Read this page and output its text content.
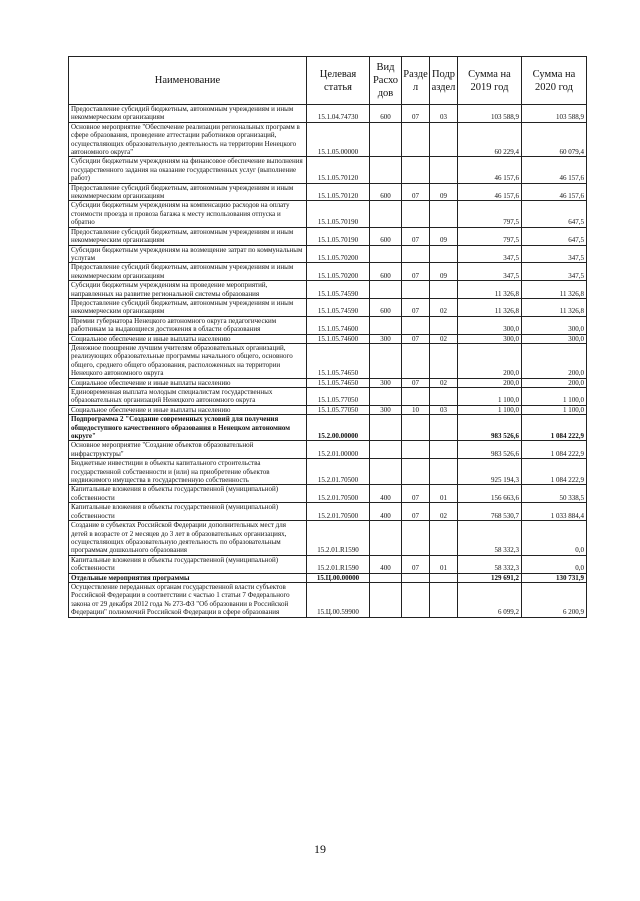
Наименование	Целевая статья	Вид Расхо дов	Разде л	Подр аздел	Сумма на 2019 год	Сумма на 2020 год
Предоставление субсидий бюджетным, автономным учреждениям и иным некоммерческим организациям	15.1.04.74730	600	07	03	103 588,9	103 588,9
Основное мероприятие "Обеспечение реализации региональных программ в сфере образования, проведение аттестации работников организаций, осуществляющих образовательную деятельность на территории Ненецкого автономного округа"	15.1.05.00000				60 229,4	60 079,4
Субсидии бюджетным учреждениям на финансовое обеспечение выполнения государственного задания на оказание государственных услуг (выполнение работ)	15.1.05.70120				46 157,6	46 157,6
Предоставление субсидий бюджетным, автономным учреждениям и иным некоммерческим организациям	15.1.05.70120	600	07	09	46 157,6	46 157,6
Субсидии бюджетным учреждениям на компенсацию расходов на оплату стоимости проезда и провоза багажа к месту использования отпуска и обратно	15.1.05.70190				797,5	647,5
Предоставление субсидий бюджетным, автономным учреждениям и иным некоммерческим организациям	15.1.05.70190	600	07	09	797,5	647,5
Субсидии бюджетным учреждениям на возмещение затрат по коммунальным услугам	15.1.05.70200				347,5	347,5
Предоставление субсидий бюджетным, автономным учреждениям и иным некоммерческим организациям	15.1.05.70200	600	07	09	347,5	347,5
Субсидии бюджетным учреждениям на проведение мероприятий, направленных на развитие региональной системы образования	15.1.05.74590				11 326,8	11 326,8
Предоставление субсидий бюджетным, автономным учреждениям и иным некоммерческим организациям	15.1.05.74590	600	07	02	11 326,8	11 326,8
Премии губернатора Ненецкого автономного округа педагогическим работникам за выдающиеся достижения в области образования	15.1.05.74600				300,0	300,0
Социальное обеспечение и иные выплаты населению	15.1.05.74600	300	07	02	300,0	300,0
Денежное поощрение лучшим учителям образовательных организаций, реализующих образовательные программы начального общего, основного общего, среднего общего образования, расположенных на территории Ненецкого автономного округа	15.1.05.74650				200,0	200,0
Социальное обеспечение и иные выплаты населению	15.1.05.74650	300	07	02	200,0	200,0
Единовременная выплата молодым специалистам государственных образовательных организаций Ненецкого автономного округа	15.1.05.77050				1 100,0	1 100,0
Социальное обеспечение и иные выплаты населению	15.1.05.77050	300	10	03	1 100,0	1 100,0
Подпрограмма 2 "Создание современных условий для получения общедоступного качественного образования в Ненецком автономном округе"	15.2.00.00000				983 526,6	1 084 222,9
Основное мероприятие "Создание объектов образовательной инфраструктуры"	15.2.01.00000				983 526,6	1 084 222,9
Бюджетные инвестиции в объекты капитального строительства государственной собственности и (или) на приобретение объектов недвижимого имущества в государственную собственность	15.2.01.70500				925 194,3	1 084 222,9
Капитальные вложения в объекты государственной (муниципальной) собственности	15.2.01.70500	400	07	01	156 663,6	50 338,5
Капитальные вложения в объекты государственной (муниципальной) собственности	15.2.01.70500	400	07	02	768 530,7	1 033 884,4
Создание в субъектах Российской Федерации дополнительных мест для детей в возрасте от 2 месяцев до 3 лет в образовательных организациях, осуществляющих образовательную деятельность по образовательным программам дошкольного образования	15.2.01.R1590				58 332,3	0,0
Капитальные вложения в объекты государственной (муниципальной) собственности	15.2.01.R1590	400	07	01	58 332,3	0,0
Отдельные мероприятия программы	15.Ц.00.00000				129 691,2	130 731,9
Осуществление переданных органам государственной власти субъектов Российской Федерации в соответствии с частью 1 статьи 7 Федерального закона от 29 декабря 2012 года № 273-ФЗ "Об образовании в Российской Федерации" полномочий Российской Федерации в сфере образования	15.Ц.00.59900				6 099,2	6 200,9
19
